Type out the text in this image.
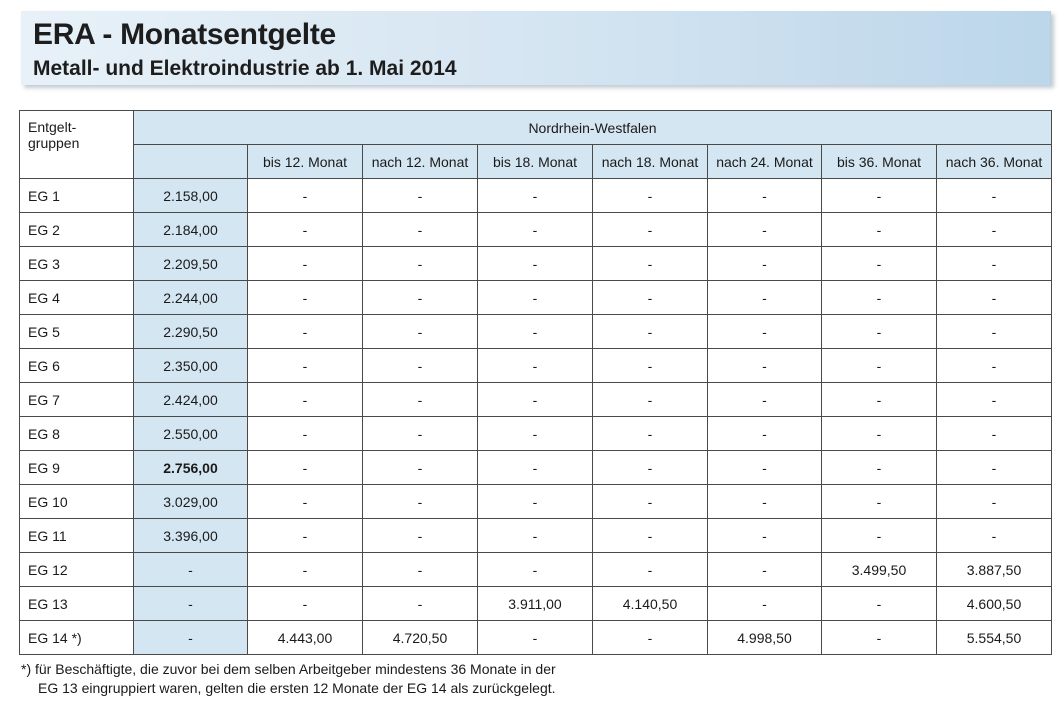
ERA - Monatsentgelte
Metall- und Elektroindustrie ab 1. Mai 2014
Entgelt-
gruppen	Nordrhein-Westfalen							
		bis 12. Monat	nach 12. Monat	bis 18. Monat	nach 18. Monat	nach 24. Monat	bis 36. Monat	nach 36. Monat
EG 1	2.158,00	-	-	-	-	-	-	-
EG 2	2.184,00	-	-	-	-	-	-	-
EG 3	2.209,50	-	-	-	-	-	-	-
EG 4	2.244,00	-	-	-	-	-	-	-
EG 5	2.290,50	-	-	-	-	-	-	-
EG 6	2.350,00	-	-	-	-	-	-	-
EG 7	2.424,00	-	-	-	-	-	-	-
EG 8	2.550,00	-	-	-	-	-	-	-
EG 9	2.756,00	-	-	-	-	-	-	-
EG 10	3.029,00	-	-	-	-	-	-	-
EG 11	3.396,00	-	-	-	-	-	-	-
EG 12	-	-	-	-	-	-	3.499,50	3.887,50
EG 13	-	-	-	3.911,00	4.140,50	-	-	4.600,50
EG 14 *)	-	4.443,00	4.720,50	-	-	4.998,50	-	5.554,50
*) für Beschäftigte, die zuvor bei dem selben Arbeitgeber mindestens 36 Monate in der
EG 13 eingruppiert waren, gelten die ersten 12 Monate der EG 14 als zurückgelegt.
